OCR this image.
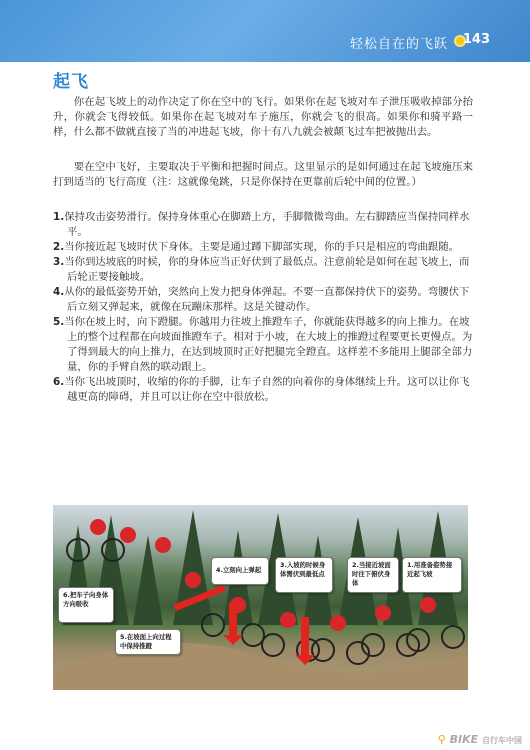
轻松自在的飞跃 143
起飞

你在起飞坡上的动作决定了你在空中的飞行。如果你在起飞坡对车子泄压吸收掉部分抬升，你就会飞得较低。如果你在起飞坡对车子施压，你就会飞的很高。如果你和骑平路一样，什么都不做就直接了当的冲进起飞坡，你十有八九就会被颠飞过车把被抛出去。

要在空中飞好，主要取决于平衡和把握时间点。这里显示的是如何通过在起飞坡施压来打到适当的飞行高度（注：这就像兔跳，只是你保持在更靠前后轮中间的位置。）

1.保持攻击姿势滑行。保持身体重心在脚踏上方，手脚微微弯曲。左右脚踏应当保持同样水平。
2.当你接近起飞坡时伏下身体。主要是通过蹲下脚部实现，你的手只是相应的弯曲跟随。
3.当你到达坡底的时候，你的身体应当正好伏到了最低点。注意前轮是如何在起飞坡上，而后轮正要接触坡。
4.从你的最低姿势开始，突然向上发力把身体弹起。不要一直都保持伏下的姿势。弯腰伏下后立刻又弹起来，就像在玩蹦床那样。这是关键动作。
5.当你在坡上时，向下蹬腿。你越用力往坡上推蹬车子，你就能获得越多的向上推力。在坡上的整个过程都在向坡面推蹬车子。相对于小坡，在大坡上的推蹬过程要更长更慢点。为了得到最大的向上推力，在达到坡顶时正好把腿完全蹬直。这样差不多能用上腿部全部力量，你的手臂自然的联动跟上。
6.当你飞出坡顶时，收缩的你的手脚，让车子自然的向着你的身体继续上升。这可以让你飞越更高的障碍，并且可以让你在空中很放松。
1.用准备姿势接近起飞坡
2.当接近坡面时往下俯伏身体
3.入坡的时候身体需伏到最低点
4.立刻向上弹起
5.在坡面上向过程中保持推蹬
6.把车子向身体方向吸收
⚲ BIKE 自行车中国
